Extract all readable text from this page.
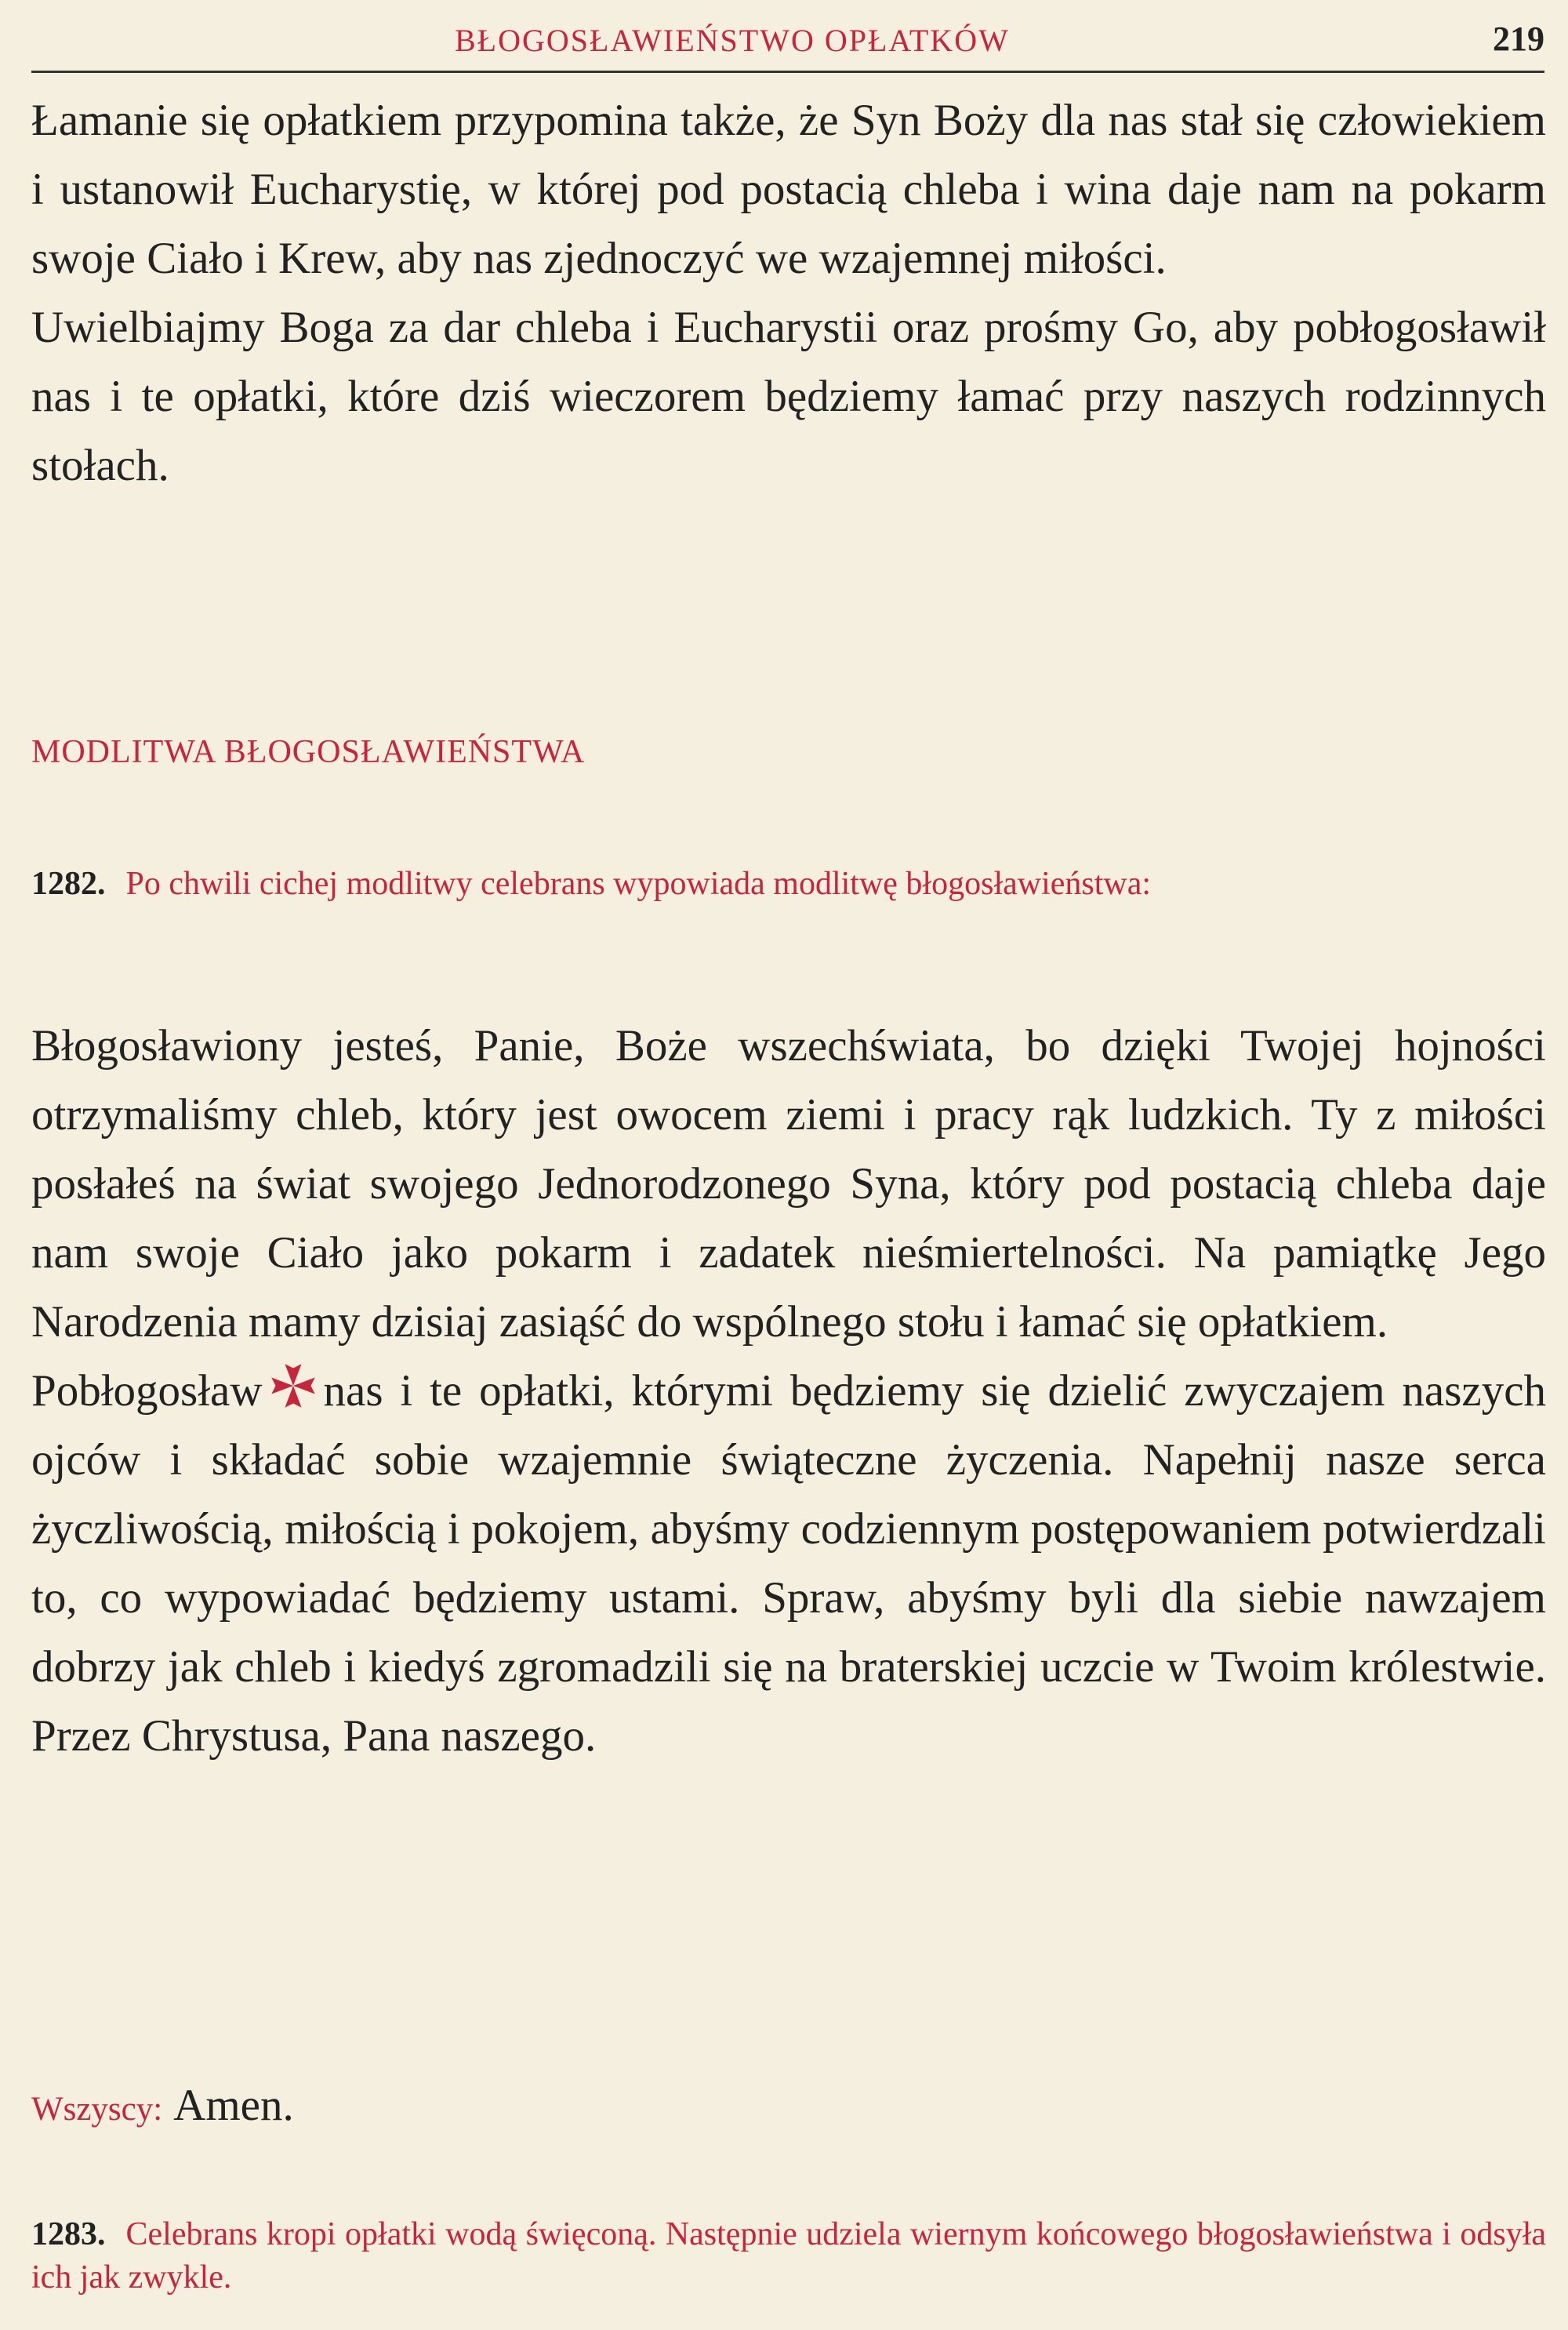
BŁOGOSŁAWIEŃSTWO OPŁATKÓW	219

Łamanie się opłatkiem przypomina także, że Syn Boży dla nas stał się człowiekiem i ustanowił Eucharystię, w której pod postacią chleba i wina daje nam na pokarm swoje Ciało i Krew, aby nas zjednoczyć we wzajemnej miłości.

Uwielbiajmy Boga za dar chleba i Eucharystii oraz prośmy Go, aby pobłogosławił nas i te opłatki, które dziś wieczorem będziemy łamać przy naszych rodzinnych stołach.

MODLITWA BŁOGOSŁAWIEŃSTWA
1282. Po chwili cichej modlitwy celebrans wypowiada modlitwę błogosławieństwa:

Błogosławiony jesteś, Panie, Boże wszechświata, bo dzięki Twojej hojności otrzymaliśmy chleb, który jest owocem ziemi i pracy rąk ludzkich. Ty z miłości posłałeś na świat swojego Jednorodzonego Syna, który pod postacią chleba daje nam swoje Ciało jako pokarm i zadatek nieśmiertelności. Na pamiątkę Jego Narodzenia mamy dzisiaj zasiąść do wspólnego stołu i łamać się opłatkiem.

Pobłogosław nas i te opłatki, którymi będziemy się dzielić zwyczajem naszych ojców i składać sobie wzajemnie świąteczne życzenia. Napełnij nasze serca życzliwością, miłością i pokojem, abyśmy codziennym postępowaniem potwierdzali to, co wypowiadać będziemy ustami. Spraw, abyśmy byli dla siebie nawzajem dobrzy jak chleb i kiedyś zgromadzili się na braterskiej uczcie w Twoim królestwie. Przez Chrystusa, Pana naszego.

Wszyscy: Amen.
1283. Celebrans kropi opłatki wodą święconą. Następnie udziela wiernym końcowego błogosławieństwa i odsyła ich jak zwykle.
